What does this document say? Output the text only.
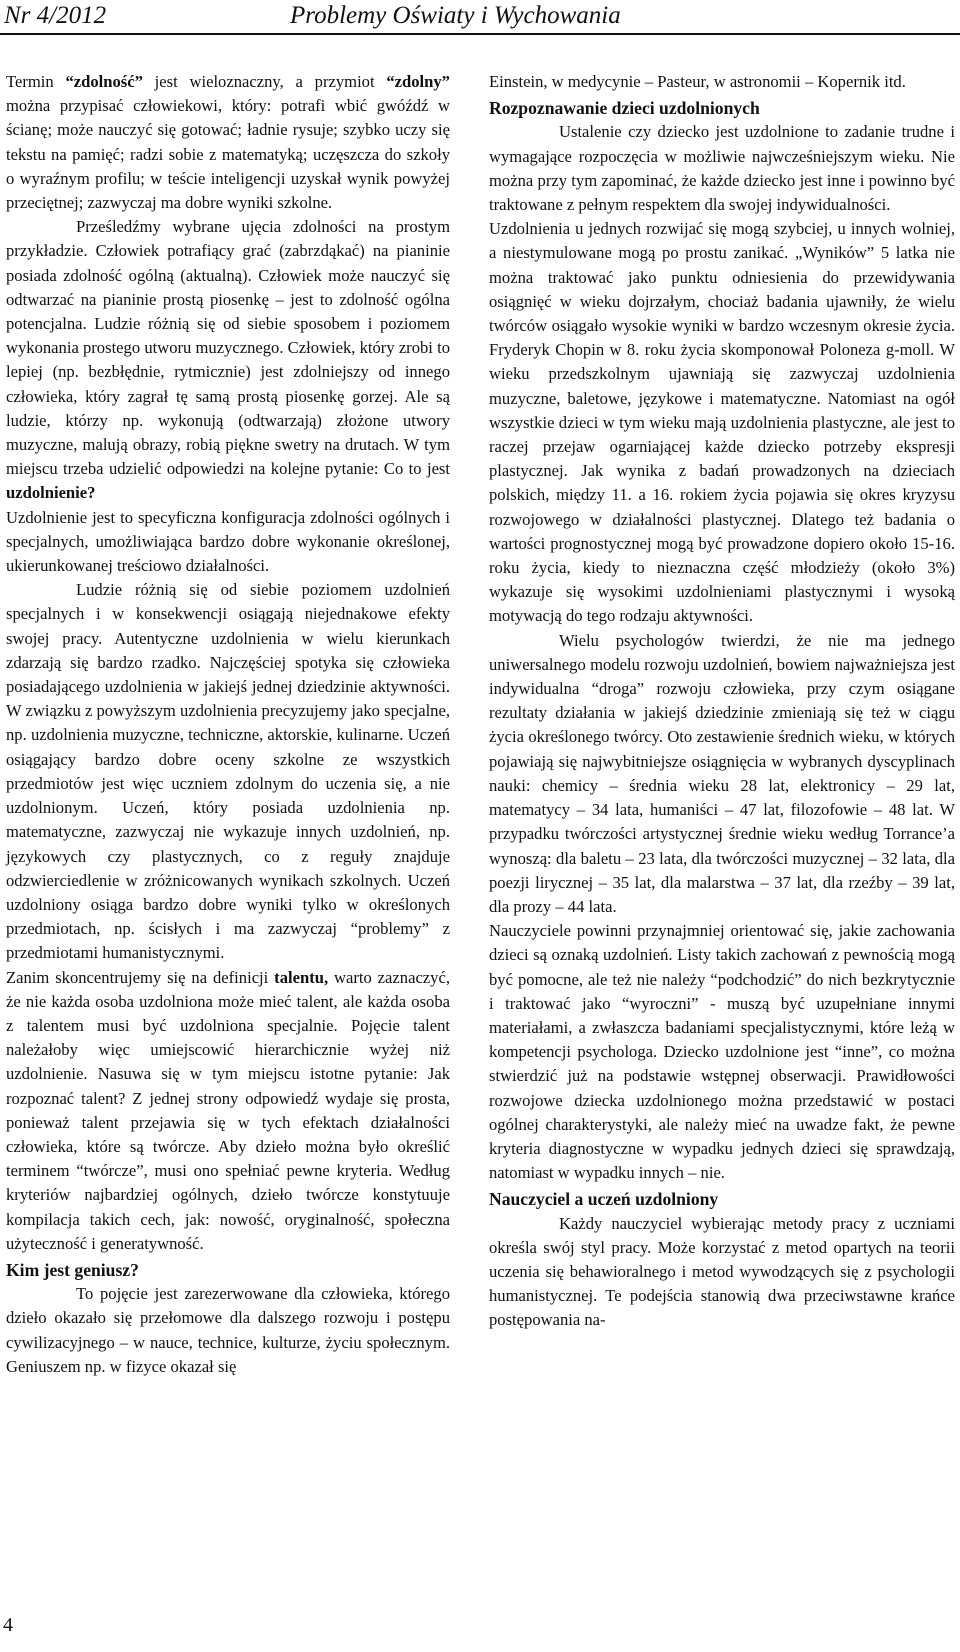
Nr 4/2012	Problemy Oświaty i Wychowania

Termin “zdolność” jest wieloznaczny, a przymiot “zdolny” można przypisać człowiekowi, który: potrafi wbić gwóźdź w ścianę; może nauczyć się gotować; ładnie rysuje; szybko uczy się tekstu na pamięć; radzi sobie z matematyką; uczęszcza do szkoły o wyraźnym profilu; w teście inteligencji uzyskał wynik powyżej przeciętnej; zazwyczaj ma dobre wyniki szkolne.

Prześledźmy wybrane ujęcia zdolności na prostym przykładzie. Człowiek potrafiący grać (zabrzdąkać) na pianinie posiada zdolność ogólną (aktualną). Człowiek może nauczyć się odtwarzać na pianinie prostą piosenkę – jest to zdolność ogólna potencjalna. Ludzie różnią się od siebie sposobem i poziomem wykonania prostego utworu muzycznego. Człowiek, który zrobi to lepiej (np. bezbłędnie, rytmicznie) jest zdolniejszy od innego człowieka, który zagrał tę samą prostą piosenkę gorzej. Ale są ludzie, którzy np. wykonują (odtwarzają) złożone utwory muzyczne, malują obrazy, robią piękne swetry na drutach. W tym miejscu trzeba udzielić odpowiedzi na kolejne pytanie: Co to jest uzdolnienie?

Uzdolnienie jest to specyficzna konfiguracja zdolności ogólnych i specjalnych, umożliwiająca bardzo dobre wykonanie określonej, ukierunkowanej treściowo działalności.

Ludzie różnią się od siebie poziomem uzdolnień specjalnych i w konsekwencji osiągają niejednakowe efekty swojej pracy. Autentyczne uzdolnienia w wielu kierunkach zdarzają się bardzo rzadko. Najczęściej spotyka się człowieka posiadającego uzdolnienia w jakiejś jednej dziedzinie aktywności. W związku z powyższym uzdolnienia precyzujemy jako specjalne, np. uzdolnienia muzyczne, techniczne, aktorskie, kulinarne. Uczeń osiągający bardzo dobre oceny szkolne ze wszystkich przedmiotów jest więc uczniem zdolnym do uczenia się, a nie uzdolnionym. Uczeń, który posiada uzdolnienia np. matematyczne, zazwyczaj nie wykazuje innych uzdolnień, np. językowych czy plastycznych, co z reguły znajduje odzwierciedlenie w zróżnicowanych wynikach szkolnych. Uczeń uzdolniony osiąga bardzo dobre wyniki tylko w określonych przedmiotach, np. ścisłych i ma zazwyczaj “problemy” z przedmiotami humanistycznymi.

Zanim skoncentrujemy się na definicji talentu, warto zaznaczyć, że nie każda osoba uzdolniona może mieć talent, ale każda osoba z talentem musi być uzdolniona specjalnie. Pojęcie talent należałoby więc umiejscowić hierarchicznie wyżej niż uzdolnienie. Nasuwa się w tym miejscu istotne pytanie: Jak rozpoznać talent? Z jednej strony odpowiedź wydaje się prosta, ponieważ talent przejawia się w tych efektach działalności człowieka, które są twórcze. Aby dzieło można było określić terminem “twórcze”, musi ono spełniać pewne kryteria. Według kryteriów najbardziej ogólnych, dzieło twórcze konstytuuje kompilacja takich cech, jak: nowość, oryginalność, społeczna użyteczność i generatywność.

Kim jest geniusz?

To pojęcie jest zarezerwowane dla człowieka, którego dzieło okazało się przełomowe dla dalszego rozwoju i postępu cywilizacyjnego – w nauce, technice, kulturze, życiu społecznym. Geniuszem np. w fizyce okazał się

Einstein, w medycynie – Pasteur, w astronomii – Kopernik itd.

Rozpoznawanie dzieci uzdolnionych

Ustalenie czy dziecko jest uzdolnione to zadanie trudne i wymagające rozpoczęcia w możliwie najwcześniejszym wieku. Nie można przy tym zapominać, że każde dziecko jest inne i powinno być traktowane z pełnym respektem dla swojej indywidualności.

Uzdolnienia u jednych rozwijać się mogą szybciej, u innych wolniej, a niestymulowane mogą po prostu zanikać. „Wyników” 5 latka nie można traktować jako punktu odniesienia do przewidywania osiągnięć w wieku dojrzałym, chociaż badania ujawniły, że wielu twórców osiągało wysokie wyniki w bardzo wczesnym okresie życia. Fryderyk Chopin w 8. roku życia skomponował Poloneza g-moll. W wieku przedszkolnym ujawniają się zazwyczaj uzdolnienia muzyczne, baletowe, językowe i matematyczne. Natomiast na ogół wszystkie dzieci w tym wieku mają uzdolnienia plastyczne, ale jest to raczej przejaw ogarniającej każde dziecko potrzeby ekspresji plastycznej. Jak wynika z badań prowadzonych na dzieciach polskich, między 11. a 16. rokiem życia pojawia się okres kryzysu rozwojowego w działalności plastycznej. Dlatego też badania o wartości prognostycznej mogą być prowadzone dopiero około 15-16. roku życia, kiedy to nieznaczna część młodzieży (około 3%) wykazuje się wysokimi uzdolnieniami plastycznymi i wysoką motywacją do tego rodzaju aktywności.

Wielu psychologów twierdzi, że nie ma jednego uniwersalnego modelu rozwoju uzdolnień, bowiem najważniejsza jest indywidualna “droga” rozwoju człowieka, przy czym osiągane rezultaty działania w jakiejś dziedzinie zmieniają się też w ciągu życia określonego twórcy. Oto zestawienie średnich wieku, w których pojawiają się najwybitniejsze osiągnięcia w wybranych dyscyplinach nauki: chemicy – średnia wieku 28 lat, elektronicy – 29 lat, matematycy – 34 lata, humaniści – 47 lat, filozofowie – 48 lat. W przypadku twórczości artystycznej średnie wieku według Torrance’a wynoszą: dla baletu – 23 lata, dla twórczości muzycznej – 32 lata, dla poezji lirycznej – 35 lat, dla malarstwa – 37 lat, dla rzeźby – 39 lat, dla prozy – 44 lata.

Nauczyciele powinni przynajmniej orientować się, jakie zachowania dzieci są oznaką uzdolnień. Listy takich zachowań z pewnością mogą być pomocne, ale też nie należy “podchodzić” do nich bezkrytycznie i traktować jako “wyroczni” - muszą być uzupełniane innymi materiałami, a zwłaszcza badaniami specjalistycznymi, które leżą w kompetencji psychologa. Dziecko uzdolnione jest “inne”, co można stwierdzić już na podstawie wstępnej obserwacji. Prawidłowości rozwojowe dziecka uzdolnionego można przedstawić w postaci ogólnej charakterystyki, ale należy mieć na uwadze fakt, że pewne kryteria diagnostyczne w wypadku jednych dzieci się sprawdzają, natomiast w wypadku innych – nie.

Nauczyciel a uczeń uzdolniony

Każdy nauczyciel wybierając metody pracy z uczniami określa swój styl pracy. Może korzystać z metod opartych na teorii uczenia się behawioralnego i metod wywodzących się z psychologii humanistycznej. Te podejścia stanowią dwa przeciwstawne krańce postępowania na-

4
